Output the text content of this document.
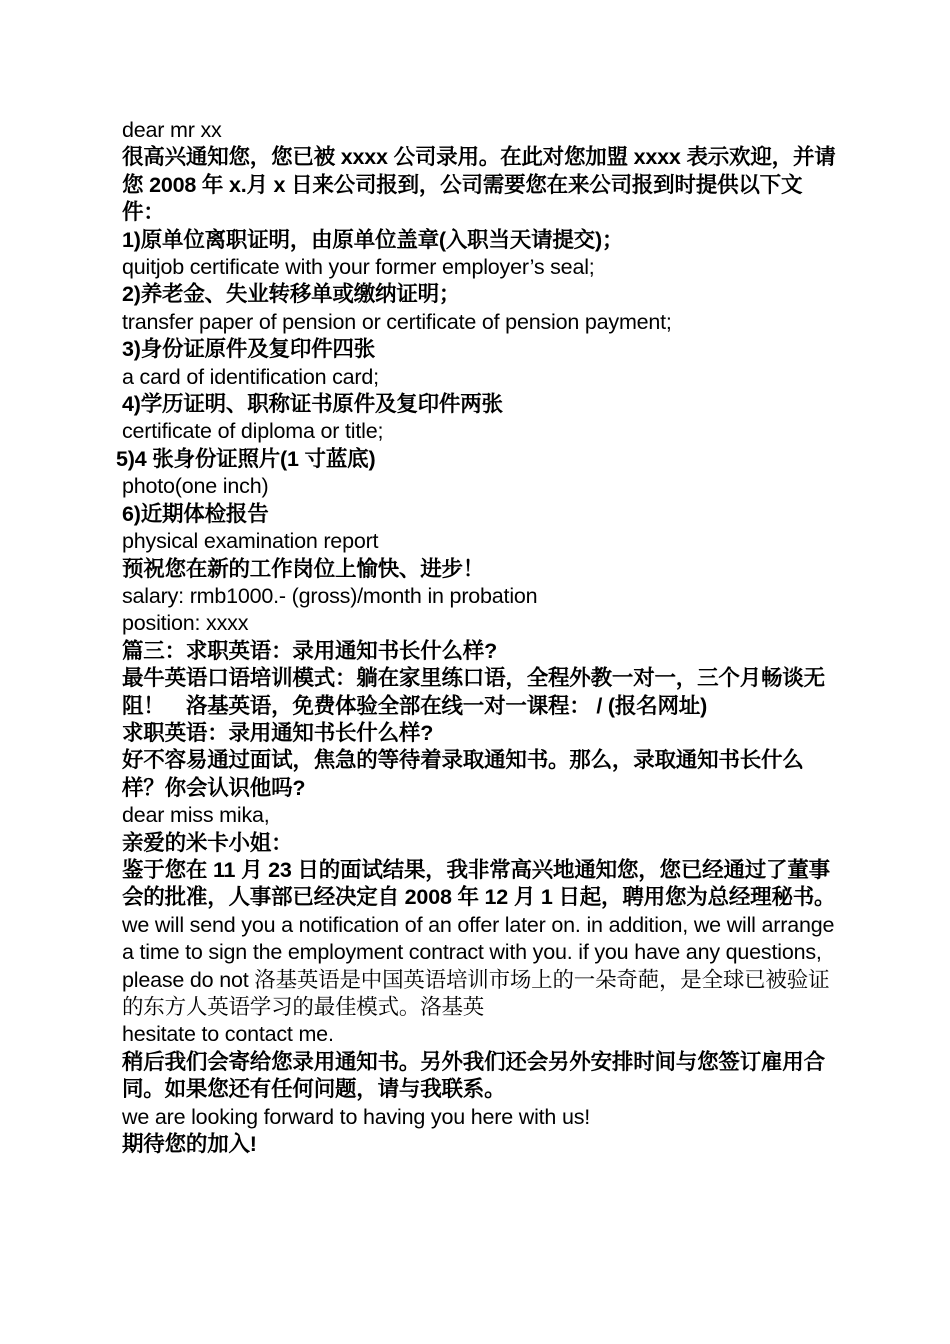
dear mr xx
很高兴通知您，您已被 xxxx 公司录用。在此对您加盟 xxxx 表示欢迎，并请您 2008 年 x.月 x 日来公司报到，公司需要您在来公司报到时提供以下文件：
1)原单位离职证明，由原单位盖章(入职当天请提交)；
quitjob certificate with your former employer’s seal;
2)养老金、失业转移单或缴纳证明；
transfer paper of pension or certificate of pension payment;
3)身份证原件及复印件四张
a card of identification card;
4)学历证明、职称证书原件及复印件两张
certificate of diploma or title;
5)4 张身份证照片(1 寸蓝底)
photo(one inch)
6)近期体检报告
physical examination report
预祝您在新的工作岗位上愉快、进步！
salary: rmb1000.- (gross)/month in probation
position: xxxx
篇三：求职英语：录用通知书长什么样?
最牛英语口语培训模式：躺在家里练口语，全程外教一对一，三个月畅谈无阻！　洛基英语，免费体验全部在线一对一课程： / (报名网址)
求职英语：录用通知书长什么样?
好不容易通过面试，焦急的等待着录取通知书。那么，录取通知书长什么样？你会认识他吗?
dear miss mika,
亲爱的米卡小姐：
鉴于您在 11 月 23 日的面试结果，我非常高兴地通知您，您已经通过了董事会的批准，人事部已经决定自 2008 年 12 月 1 日起，聘用您为总经理秘书。
we will send you a notification of an offer later on. in addition, we will arrange a time to sign the employment contract with you. if you have any questions, please do not 洛基英语是中国英语培训市场上的一朵奇葩，是全球已被验证的东方人英语学习的最佳模式。洛基英
hesitate to contact me.
稍后我们会寄给您录用通知书。另外我们还会另外安排时间与您签订雇用合同。如果您还有任何问题，请与我联系。
we are looking forward to having you here with us!
期待您的加入!
